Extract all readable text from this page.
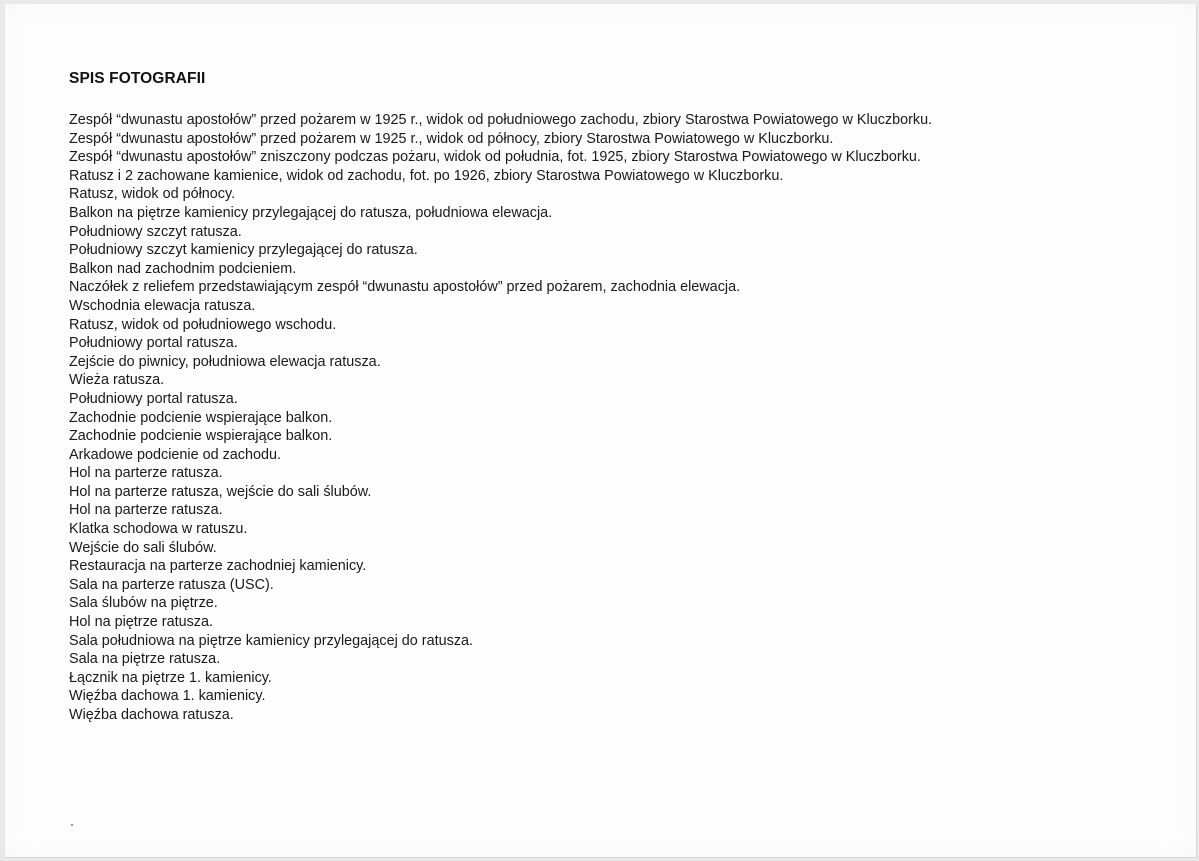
SPIS FOTOGRAFII
Zespół “dwunastu apostołów” przed pożarem w 1925 r., widok od południowego zachodu, zbiory Starostwa Powiatowego w Kluczborku.
Zespół “dwunastu apostołów” przed pożarem w 1925 r., widok od północy, zbiory Starostwa Powiatowego w Kluczborku.
Zespół “dwunastu apostołów” zniszczony podczas pożaru, widok od południa, fot. 1925, zbiory Starostwa Powiatowego w Kluczborku.
Ratusz i 2 zachowane kamienice, widok od zachodu, fot. po 1926, zbiory Starostwa Powiatowego w Kluczborku.
Ratusz, widok od północy.
Balkon na piętrze kamienicy przylegającej do ratusza, południowa elewacja.
Południowy szczyt ratusza.
Południowy szczyt kamienicy przylegającej do ratusza.
Balkon nad zachodnim podcieniem.
Naczółek z reliefem przedstawiającym zespół “dwunastu apostołów” przed pożarem, zachodnia elewacja.
Wschodnia elewacja ratusza.
Ratusz, widok od południowego wschodu.
Południowy portal ratusza.
Zejście do piwnicy, południowa elewacja ratusza.
Wieża ratusza.
Południowy portal ratusza.
Zachodnie podcienie wspierające balkon.
Zachodnie podcienie wspierające balkon.
Arkadowe podcienie od zachodu.
Hol na parterze ratusza.
Hol na parterze ratusza, wejście do sali ślubów.
Hol na parterze ratusza.
Klatka schodowa w ratuszu.
Wejście do sali ślubów.
Restauracja na parterze zachodniej kamienicy.
Sala na parterze ratusza (USC).
Sala ślubów na piętrze.
Hol na piętrze ratusza.
Sala południowa na piętrze kamienicy przylegającej do ratusza.
Sala na piętrze ratusza.
Łącznik na piętrze 1. kamienicy.
Więźba dachowa 1. kamienicy.
Więźba dachowa ratusza.
